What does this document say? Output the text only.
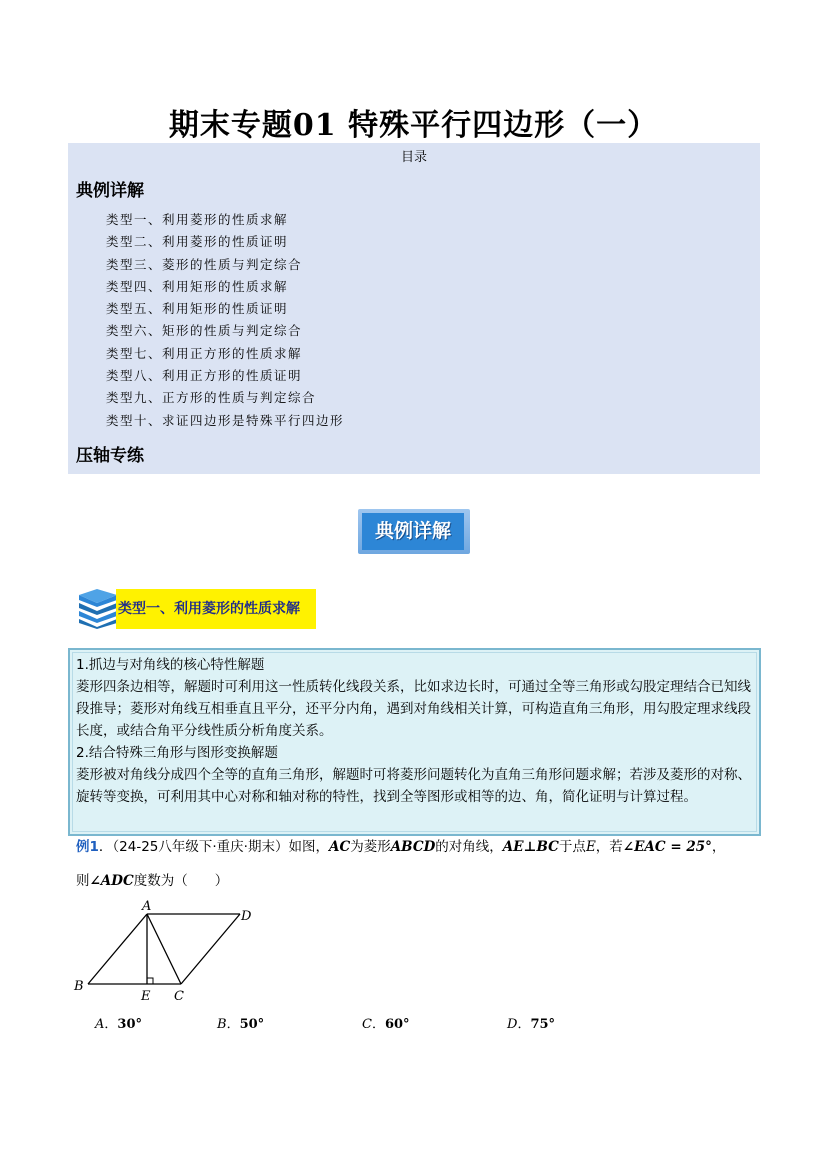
期末专题01 特殊平行四边形（一）
目录
典例详解
类型一、利用菱形的性质求解
类型二、利用菱形的性质证明
类型三、菱形的性质与判定综合
类型四、利用矩形的性质求解
类型五、利用矩形的性质证明
类型六、矩形的性质与判定综合
类型七、利用正方形的性质求解
类型八、利用正方形的性质证明
类型九、正方形的性质与判定综合
类型十、求证四边形是特殊平行四边形
压轴专练
典例详解
类型一、利用菱形的性质求解

1.抓边与对角线的核心特性解题

菱形四条边相等，解题时可利用这一性质转化线段关系，比如求边长时，可通过全等三角形或勾股定理结合已知线段推导；菱形对角线互相垂直且平分，还平分内角，遇到对角线相关计算，可构造直角三角形，用勾股定理求线段长度，或结合角平分线性质分析角度关系。

2.结合特殊三角形与图形变换解题

菱形被对角线分成四个全等的直角三角形，解题时可将菱形问题转化为直角三角形问题求解；若涉及菱形的对称、旋转等变换，可利用其中心对称和轴对称的特性，找到全等图形或相等的边、角，简化证明与计算过程。

例1．（24-25八年级下·重庆·期末）如图，AC为菱形ABCD的对角线，AE⊥BC于点E，若∠EAC = 25°，
则∠ADC度数为（　　）
A
B
C
D
E
A．30°	B．50°	C．60°	D．75°
